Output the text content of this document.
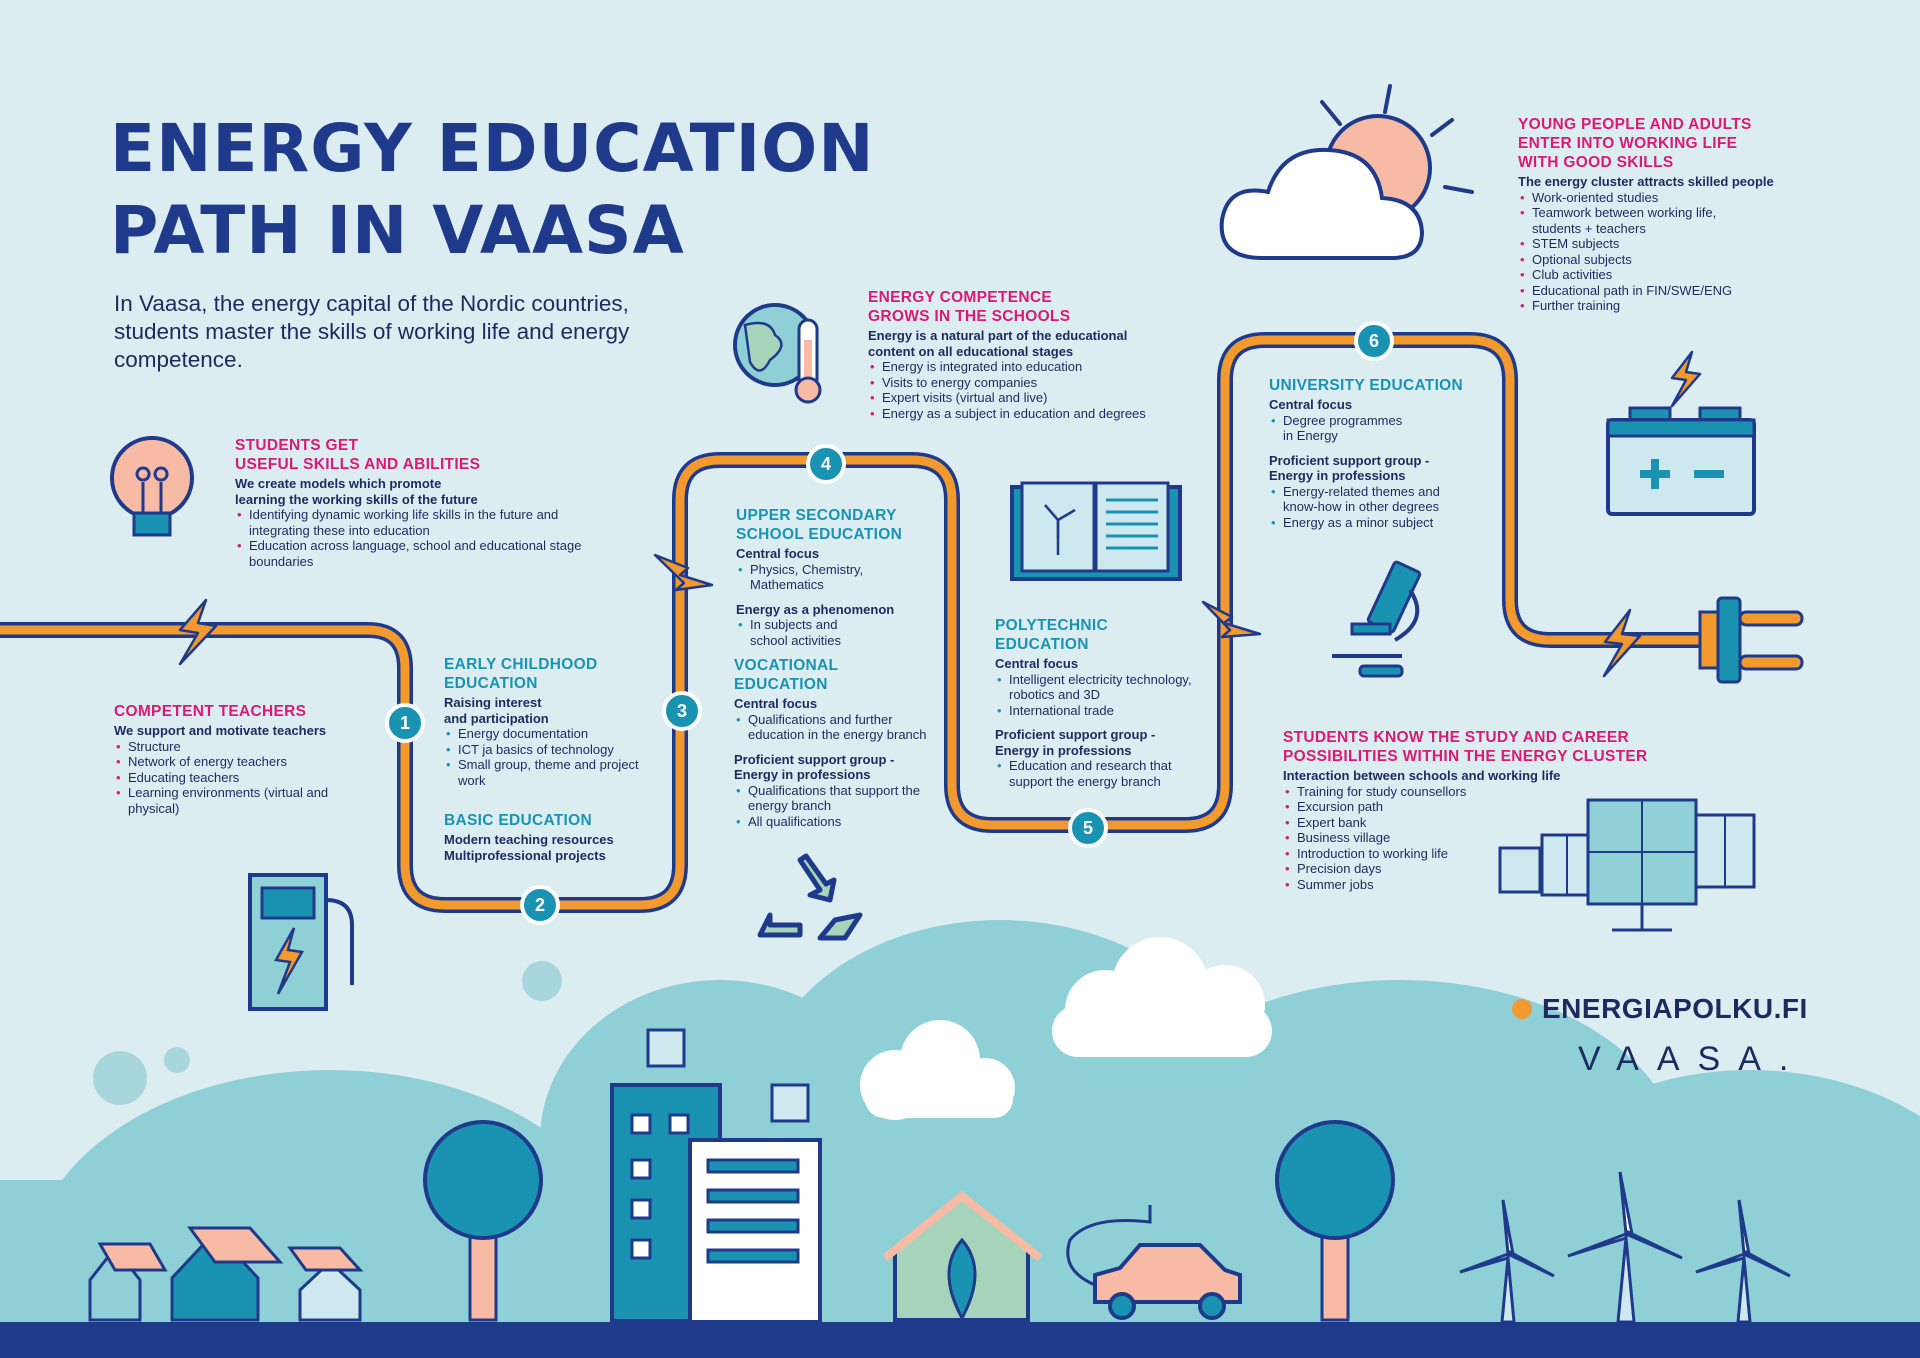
ENERGY EDUCATION
PATH IN VAASA
In Vaasa, the energy capital of the Nordic countries, students master the skills of working life and energy competence.
1
2
3
4
5
6
STUDENTS GET
USEFUL SKILLS AND ABILITIES
We create models which promote
learning the working skills of the future
• Identifying dynamic working life skills in the future and integrating these into education
• Education across language, school and educational stage boundaries
COMPETENT TEACHERS
We support and motivate teachers
• Structure
• Network of energy teachers
• Educating teachers
• Learning environments (virtual and physical)
EARLY CHILDHOOD
EDUCATION
Raising interest
and participation
• Energy documentation
• ICT ja basics of technology
• Small group, theme and project work
BASIC EDUCATION
Modern teaching resources
Multiprofessional projects
UPPER SECONDARY
SCHOOL EDUCATION
Central focus
• Physics, Chemistry, Mathematics
Energy as a phenomenon
• In subjects and school activities
VOCATIONAL
EDUCATION
Central focus
• Qualifications and further education in the energy branch
Proficient support group -
Energy in professions
• Qualifications that support the energy branch
• All qualifications
ENERGY COMPETENCE
GROWS IN THE SCHOOLS
Energy is a natural part of the educational
content on all educational stages
• Energy is integrated into education
• Visits to energy companies
• Expert visits (virtual and live)
• Energy as a subject in education and degrees
POLYTECHNIC
EDUCATION
Central focus
• Intelligent electricity technology, robotics and 3D
• International trade
Proficient support group -
Energy in professions
• Education and research that support the energy branch
UNIVERSITY EDUCATION
Central focus
• Degree programmes in Energy
Proficient support group -
Energy in professions
• Energy-related themes and know-how in other degrees
• Energy as a minor subject
YOUNG PEOPLE AND ADULTS
ENTER INTO WORKING LIFE
WITH GOOD SKILLS
The energy cluster attracts skilled people
• Work-oriented studies
• Teamwork between working life, students + teachers
• STEM subjects
• Optional subjects
• Club activities
• Educational path in FIN/SWE/ENG
• Further training
STUDENTS KNOW THE STUDY AND CAREER
POSSIBILITIES WITHIN THE ENERGY CLUSTER
Interaction between schools and working life
• Training for study counsellors
• Excursion path
• Expert bank
• Business village
• Introduction to working life
• Precision days
• Summer jobs
ENERGIAPOLKU.FI
VAASA.
